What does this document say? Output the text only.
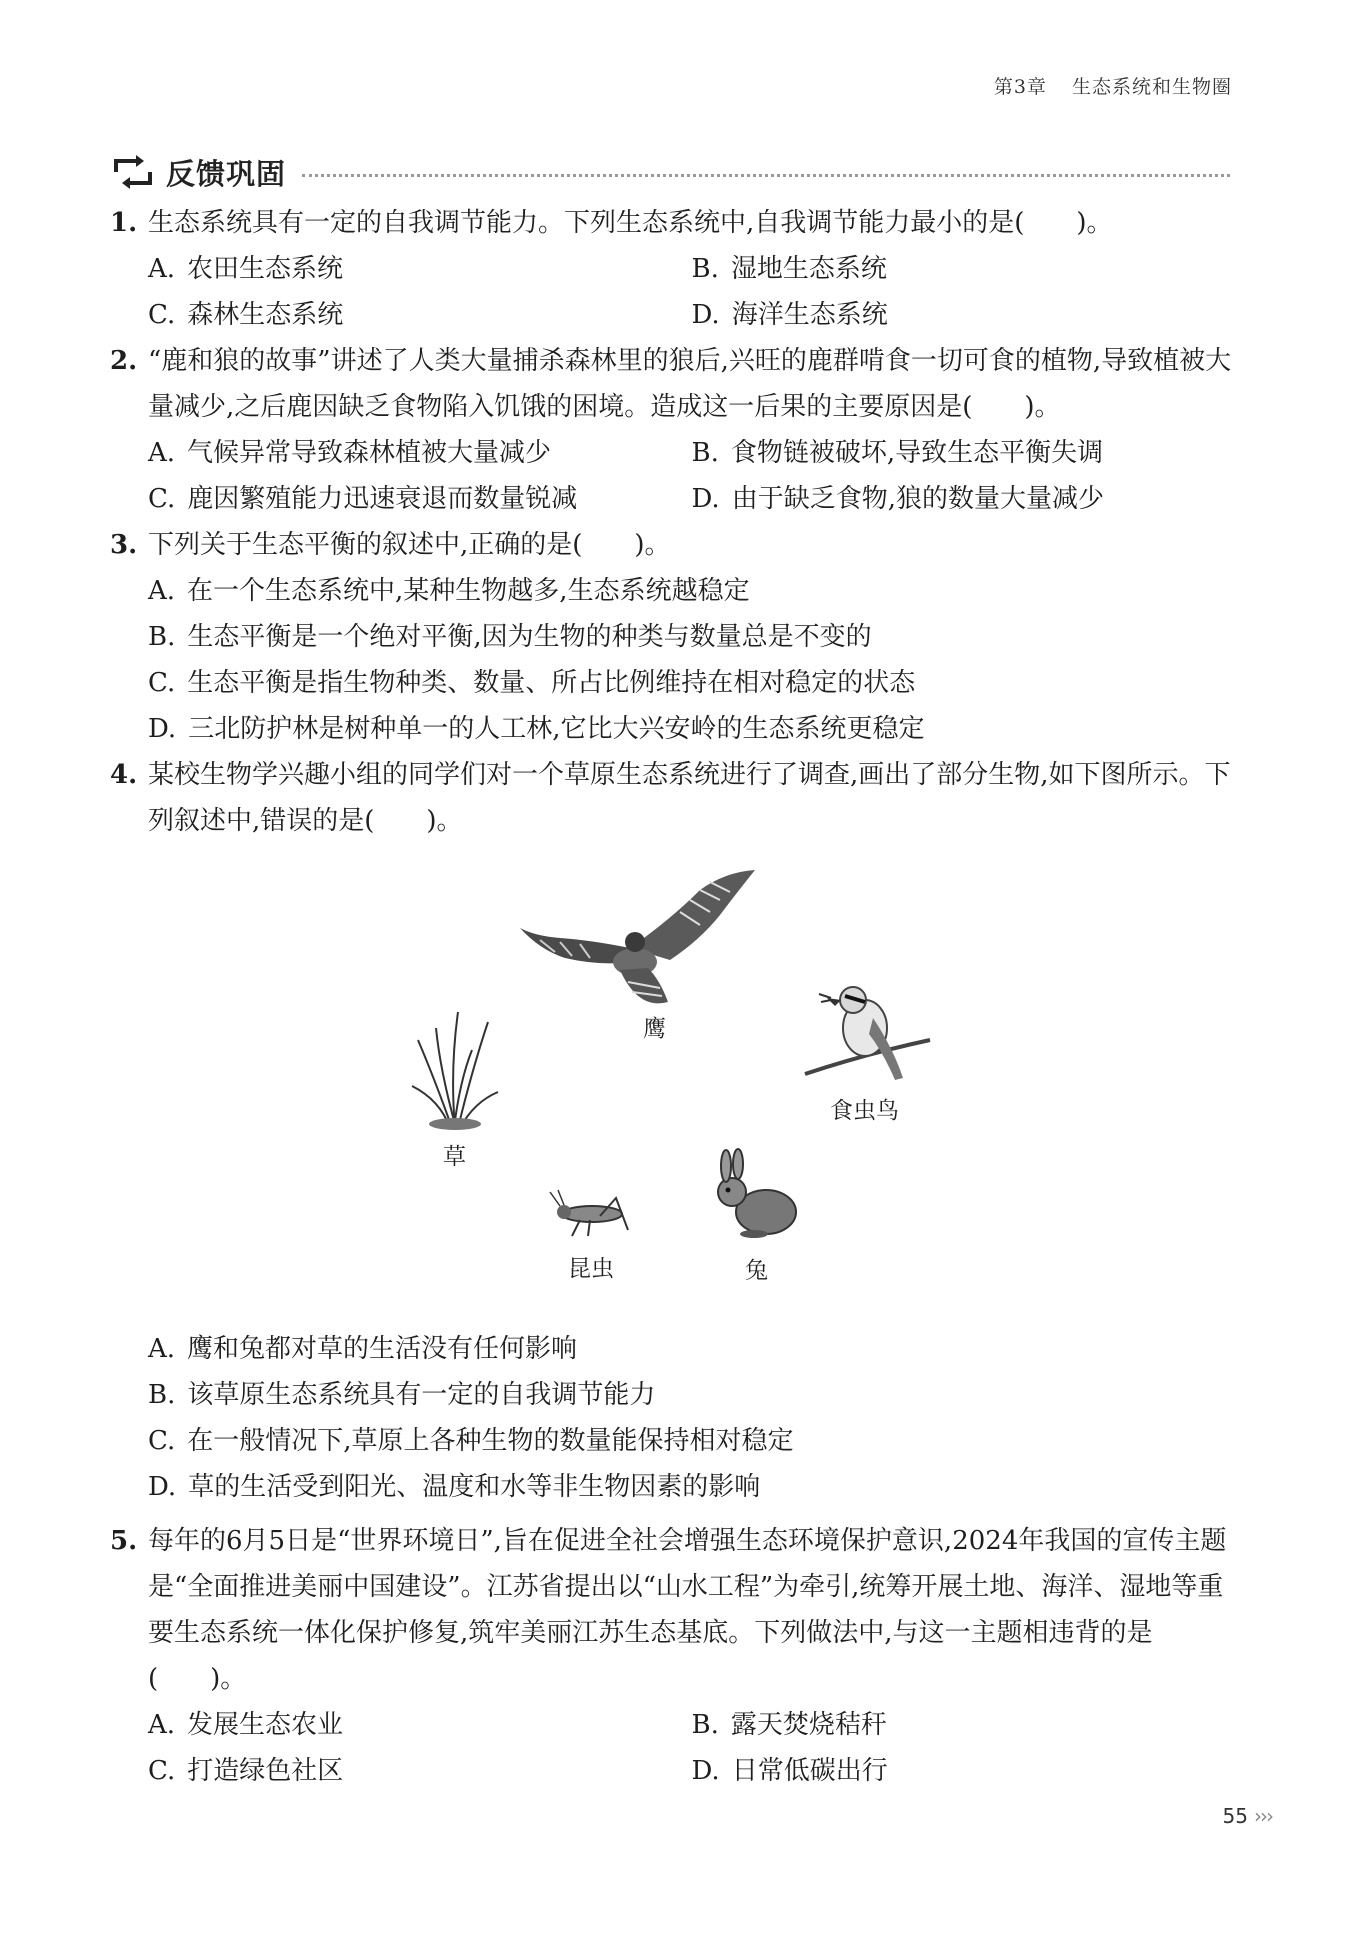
第3章 生态系统和生物圈
反馈巩固
1. 生态系统具有一定的自我调节能力。下列生态系统中,自我调节能力最小的是(　　)。
A. 农田生态系统	B. 湿地生态系统
C. 森林生态系统	D. 海洋生态系统
2. “鹿和狼的故事”讲述了人类大量捕杀森林里的狼后,兴旺的鹿群啃食一切可食的植物,导致植被大量减少,之后鹿因缺乏食物陷入饥饿的困境。造成这一后果的主要原因是(　　)。
A. 气候异常导致森林植被大量减少	B. 食物链被破坏,导致生态平衡失调
C. 鹿因繁殖能力迅速衰退而数量锐减	D. 由于缺乏食物,狼的数量大量减少
3. 下列关于生态平衡的叙述中,正确的是(　　)。
A. 在一个生态系统中,某种生物越多,生态系统越稳定
B. 生态平衡是一个绝对平衡,因为生物的种类与数量总是不变的
C. 生态平衡是指生物种类、数量、所占比例维持在相对稳定的状态
D. 三北防护林是树种单一的人工林,它比大兴安岭的生态系统更稳定
4. 某校生物学兴趣小组的同学们对一个草原生态系统进行了调查,画出了部分生物,如下图所示。下列叙述中,错误的是(　　)。
鹰
食虫鸟
草
昆虫	兔
A. 鹰和兔都对草的生活没有任何影响
B. 该草原生态系统具有一定的自我调节能力
C. 在一般情况下,草原上各种生物的数量能保持相对稳定
D. 草的生活受到阳光、温度和水等非生物因素的影响
5. 每年的6月5日是“世界环境日”,旨在促进全社会增强生态环境保护意识,2024年我国的宣传主题是“全面推进美丽中国建设”。江苏省提出以“山水工程”为牵引,统筹开展土地、海洋、湿地等重要生态系统一体化保护修复,筑牢美丽江苏生态基底。下列做法中,与这一主题相违背的是(　　)。
A. 发展生态农业	B. 露天焚烧秸秆
C. 打造绿色社区	D. 日常低碳出行
55 ›››
